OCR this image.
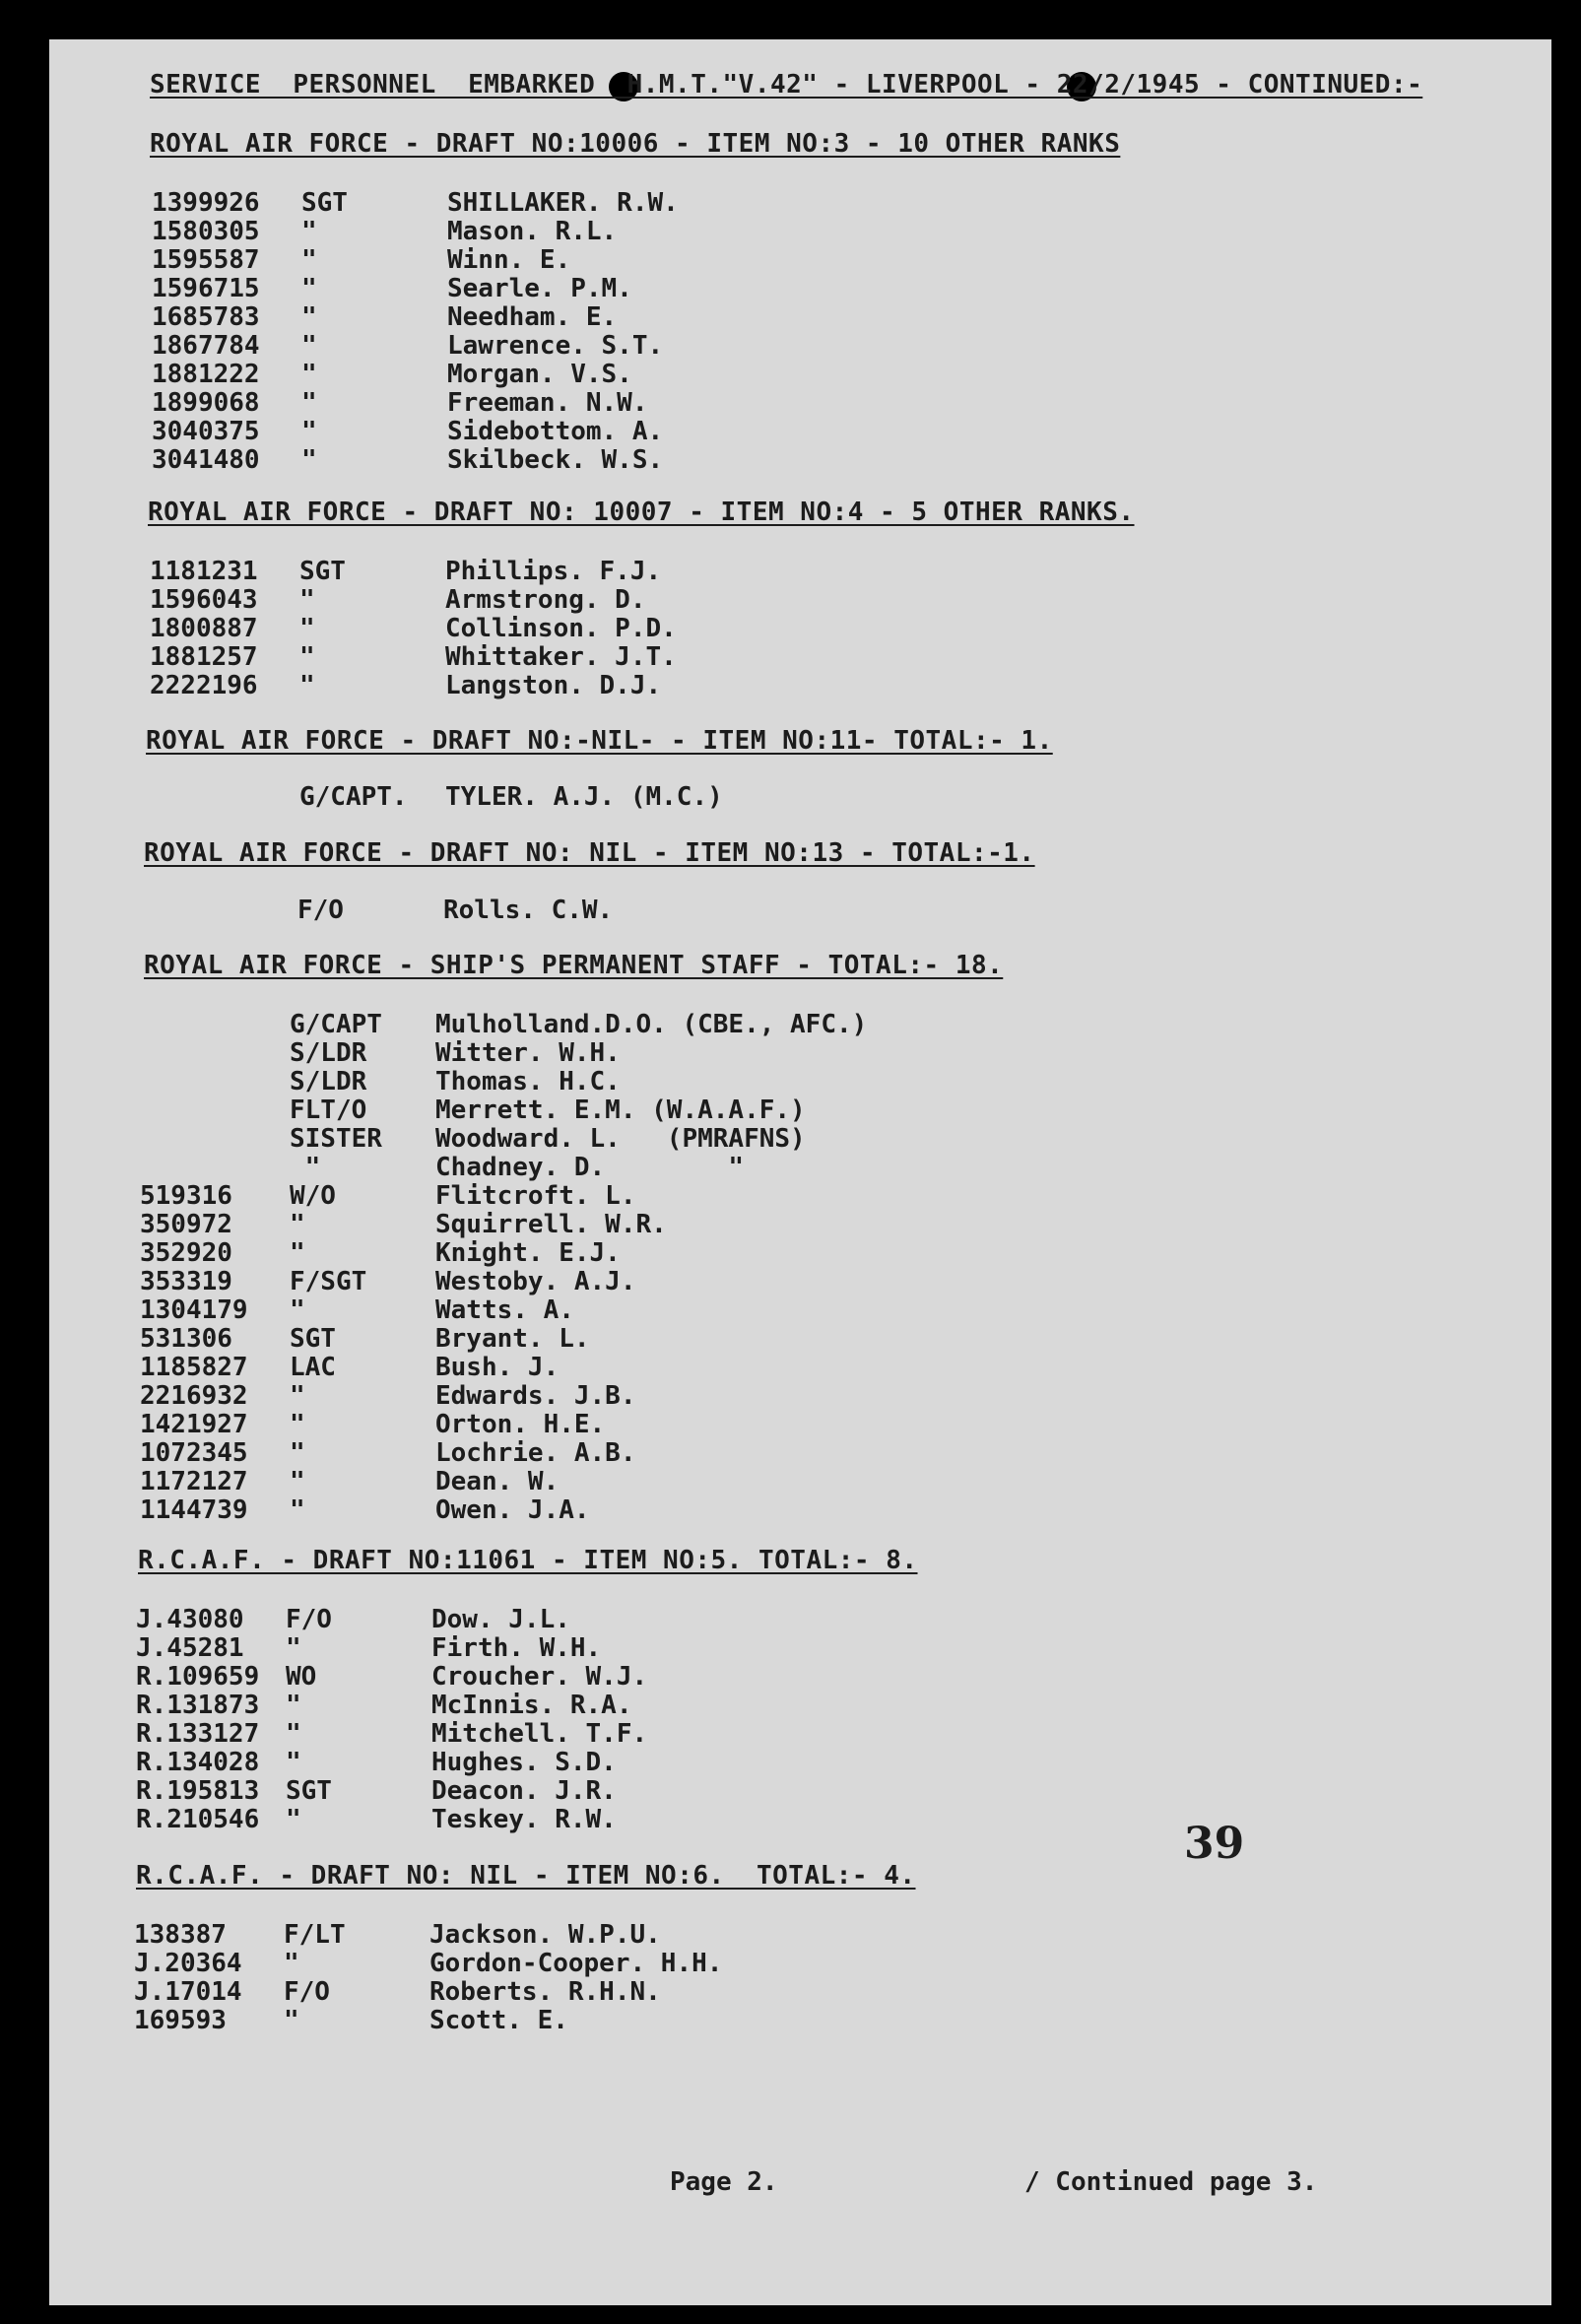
SERVICE  PERSONNEL  EMBARKED  H.M.T."V.42" - LIVERPOOL - 22/2/1945 - CONTINUED:-
ROYAL AIR FORCE - DRAFT NO:10006 - ITEM NO:3 - 10 OTHER RANKS
1399926 SGT	SHILLAKER. R.W.
1580305 "	Mason. R.L.
1595587 "	Winn. E.
1596715 "	Searle. P.M.
1685783 "	Needham. E.
1867784 "	Lawrence. S.T.
1881222 "	Morgan. V.S.
1899068 "	Freeman. N.W.
3040375 "	Sidebottom. A.
3041480 "	Skilbeck. W.S.
ROYAL AIR FORCE - DRAFT NO: 10007 - ITEM NO:4 - 5 OTHER RANKS.
1181231 SGT	Phillips. F.J.
1596043 "	Armstrong. D.
1800887 "	Collinson. P.D.
1881257 "	Whittaker. J.T.
2222196 "	Langston. D.J.
ROYAL AIR FORCE - DRAFT NO:-NIL- - ITEM NO:11- TOTAL:- 1.
G/CAPT. TYLER. A.J. (M.C.)
ROYAL AIR FORCE - DRAFT NO: NIL - ITEM NO:13 - TOTAL:-1.
F/O	Rolls. C.W.
ROYAL AIR FORCE - SHIP'S PERMANENT STAFF - TOTAL:- 18.
G/CAPT Mulholland.D.O. (CBE., AFC.)
S/LDR	Witter. W.H.
S/LDR	Thomas. H.C.
FLT/O	Merrett. E.M. (W.A.A.F.)
SISTER Woodward. L.   (PMRAFNS)
"	Chadney. D.        "
519316 W/O	Flitcroft. L.
350972 "	Squirrell. W.R.
352920 "	Knight. E.J.
353319 F/SGT	Westoby. A.J.
1304179 "	Watts. A.
531306 SGT	Bryant. L.
1185827 LAC	Bush. J.
2216932 "	Edwards. J.B.
1421927 "	Orton. H.E.
1072345 "	Lochrie. A.B.
1172127 "	Dean. W.
1144739 "	Owen. J.A.
R.C.A.F. - DRAFT NO:11061 - ITEM NO:5. TOTAL:- 8.
J.43080 F/O	Dow. J.L.
J.45281 "	Firth. W.H.
R.109659 WO	Croucher. W.J.
R.131873 "	McInnis. R.A.
R.133127 "	Mitchell. T.F.
R.134028 "	Hughes. S.D.
R.195813 SGT	Deacon. J.R.
R.210546 "	Teskey. R.W.	39
R.C.A.F. - DRAFT NO: NIL - ITEM NO:6.  TOTAL:- 4.
138387 F/LT	Jackson. W.P.U.
J.20364 "	Gordon-Cooper. H.H.
J.17014 F/O	Roberts. R.H.N.
169593 "	Scott. E.
Page 2.	/ Continued page 3.
